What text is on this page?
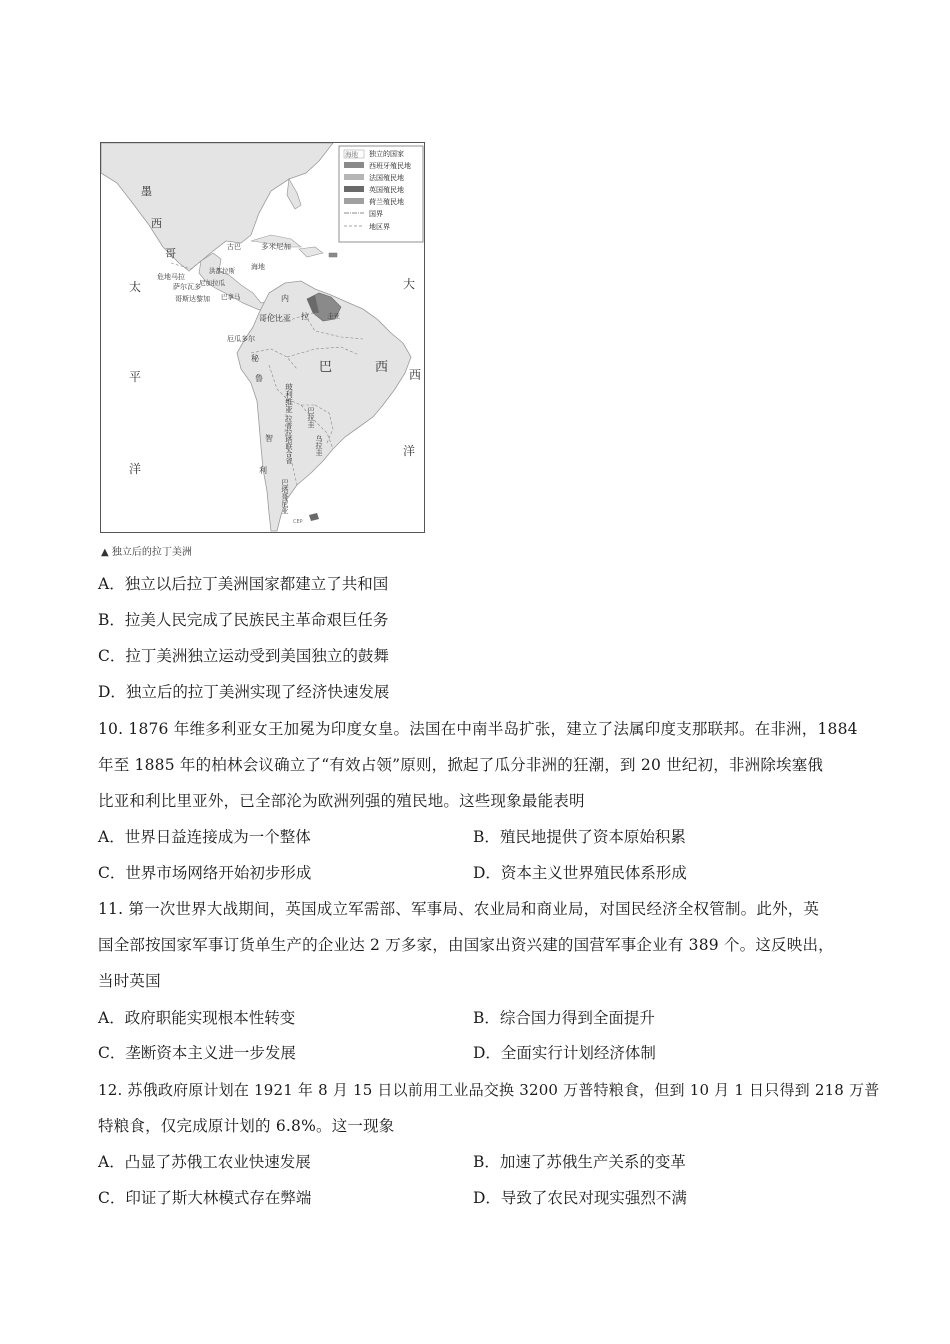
海地 独立的国家
西班牙殖民地
法国殖民地
英国殖民地
荷兰殖民地
国界
地区界
墨
西
哥
太
平
洋
大
西
洋
古巴	多米尼加
海地
洪都拉斯
危地马拉
萨尔瓦多
尼加拉瓜
哥斯达黎加 巴拿马	内
拉	圭亚
哥伦比亚
厄瓜多尔
秘
鲁
巴	西
玻利维亚
巴拉圭
智
利
拉普拉塔联合省	乌拉圭
巴塔哥尼亚
CEP
▲ 独立后的拉丁美洲
A．独立以后拉丁美洲国家都建立了共和国
B．拉美人民完成了民族民主革命艰巨任务
C．拉丁美洲独立运动受到美国独立的鼓舞
D．独立后的拉丁美洲实现了经济快速发展
10. 1876 年维多利亚女王加冕为印度女皇。法国在中南半岛扩张，建立了法属印度支那联邦。在非洲，1884
年至 1885 年的柏林会议确立了“有效占领”原则，掀起了瓜分非洲的狂潮，到 20 世纪初，非洲除埃塞俄
比亚和利比里亚外，已全部沦为欧洲列强的殖民地。这些现象最能表明
A．世界日益连接成为一个整体	B．殖民地提供了资本原始积累
C．世界市场网络开始初步形成	D．资本主义世界殖民体系形成
11. 第一次世界大战期间，英国成立军需部、军事局、农业局和商业局，对国民经济全权管制。此外，英
国全部按国家军事订货单生产的企业达 2 万多家，由国家出资兴建的国营军事企业有 389 个。这反映出，
当时英国
A．政府职能实现根本性转变	B．综合国力得到全面提升
C．垄断资本主义进一步发展	D．全面实行计划经济体制
12. 苏俄政府原计划在 1921 年 8 月 15 日以前用工业品交换 3200 万普特粮食，但到 10 月 1 日只得到 218 万普
特粮食，仅完成原计划的 6.8%。这一现象
A．凸显了苏俄工农业快速发展	B．加速了苏俄生产关系的变革
C．印证了斯大林模式存在弊端	D．导致了农民对现实强烈不满
